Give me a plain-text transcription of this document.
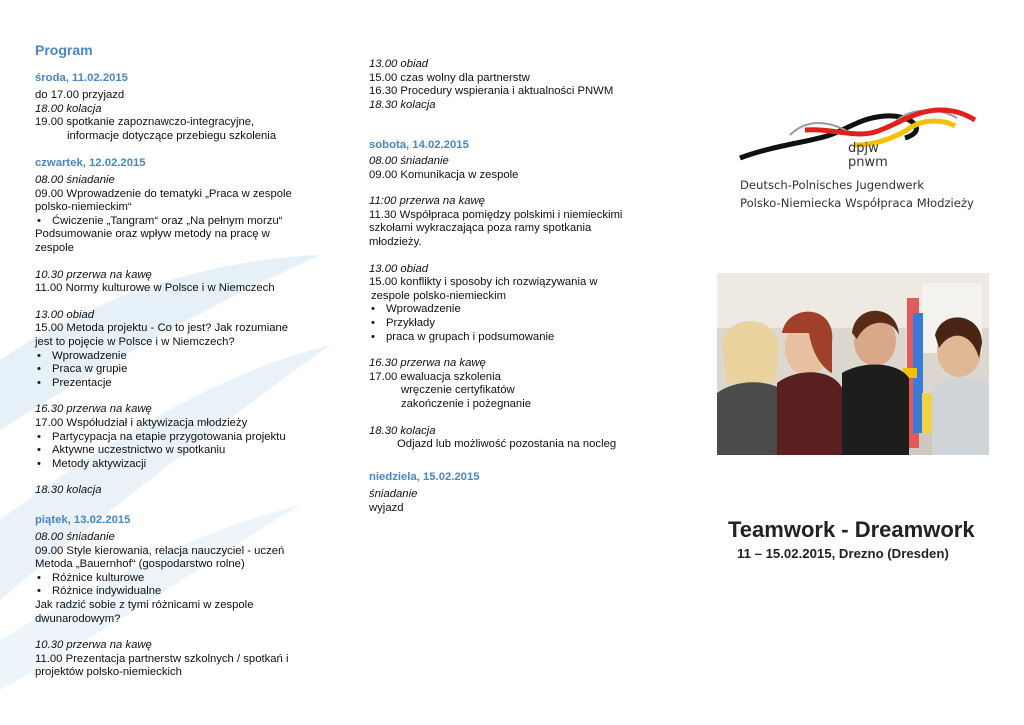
Program
środa, 11.02.2015
do 17.00 przyjazd
18.00 kolacja
19.00 spotkanie zapoznawczo-integracyjne,
informacje dotyczące przebiegu szkolenia
czwartek, 12.02.2015
08.00 śniadanie
09.00 Wprowadzenie do tematyki „Praca w zespole
polsko-niemieckim“
• Ćwiczenie „Tangram“ oraz „Na pełnym morzu“
Podsumowanie oraz wpływ metody na pracę w
zespole
10.30 przerwa na kawę
11.00 Normy kulturowe w Polsce i w Niemczech
13.00 obiad
15.00 Metoda projektu - Co to jest? Jak rozumiane
jest to pojęcie w Polsce i w Niemczech?
• Wprowadzenie
• Praca w grupie
• Prezentacje
16.30 przerwa na kawę
17.00 Współudział i aktywizacja młodzieży
• Partycypacja na etapie przygotowania projektu
• Aktywne uczestnictwo w spotkaniu
• Metody aktywizacji
18.30 kolacja
piątek, 13.02.2015
08.00 śniadanie
09.00 Style kierowania, relacja nauczyciel - uczeń
Metoda „Bauernhof“ (gospodarstwo rolne)
• Różnice kulturowe
• Różnice indywidualne
Jak radzić sobie z tymi różnicami w zespole
dwunarodowym?
10.30 przerwa na kawę
11.00 Prezentacja partnerstw szkolnych / spotkań i
projektów polsko-niemieckich
13.00 obiad
15.00 czas wolny dla partnerstw
16.30 Procedury wspierania i aktualności PNWM
18.30 kolacja
sobota, 14.02.2015
08.00 śniadanie
09.00 Komunikacja w zespole
11:00 przerwa na kawę
11.30 Współpraca pomiędzy polskimi i niemieckimi
szkołami wykraczająca poza ramy spotkania
młodzieży.
13.00 obiad
15.00 konflikty i sposoby ich rozwiązywania w
zespole polsko-niemieckim
• Wprowadzenie
• Przykłady
• praca w grupach i podsumowanie
16.30 przerwa na kawę
17.00 ewaluacja szkolenia
wręczenie certyfikatów
zakończenie i pożegnanie
18.30 kolacja
Odjazd lub możliwość pozostania na nocleg
niedziela, 15.02.2015
śniadanie
wyjazd
dpjw
pnwm
Deutsch-Polnisches Jugendwerk
Polsko-Niemiecka Współpraca Młodzieży
Teamwork - Dreamwork
11 – 15.02.2015, Drezno (Dresden)
